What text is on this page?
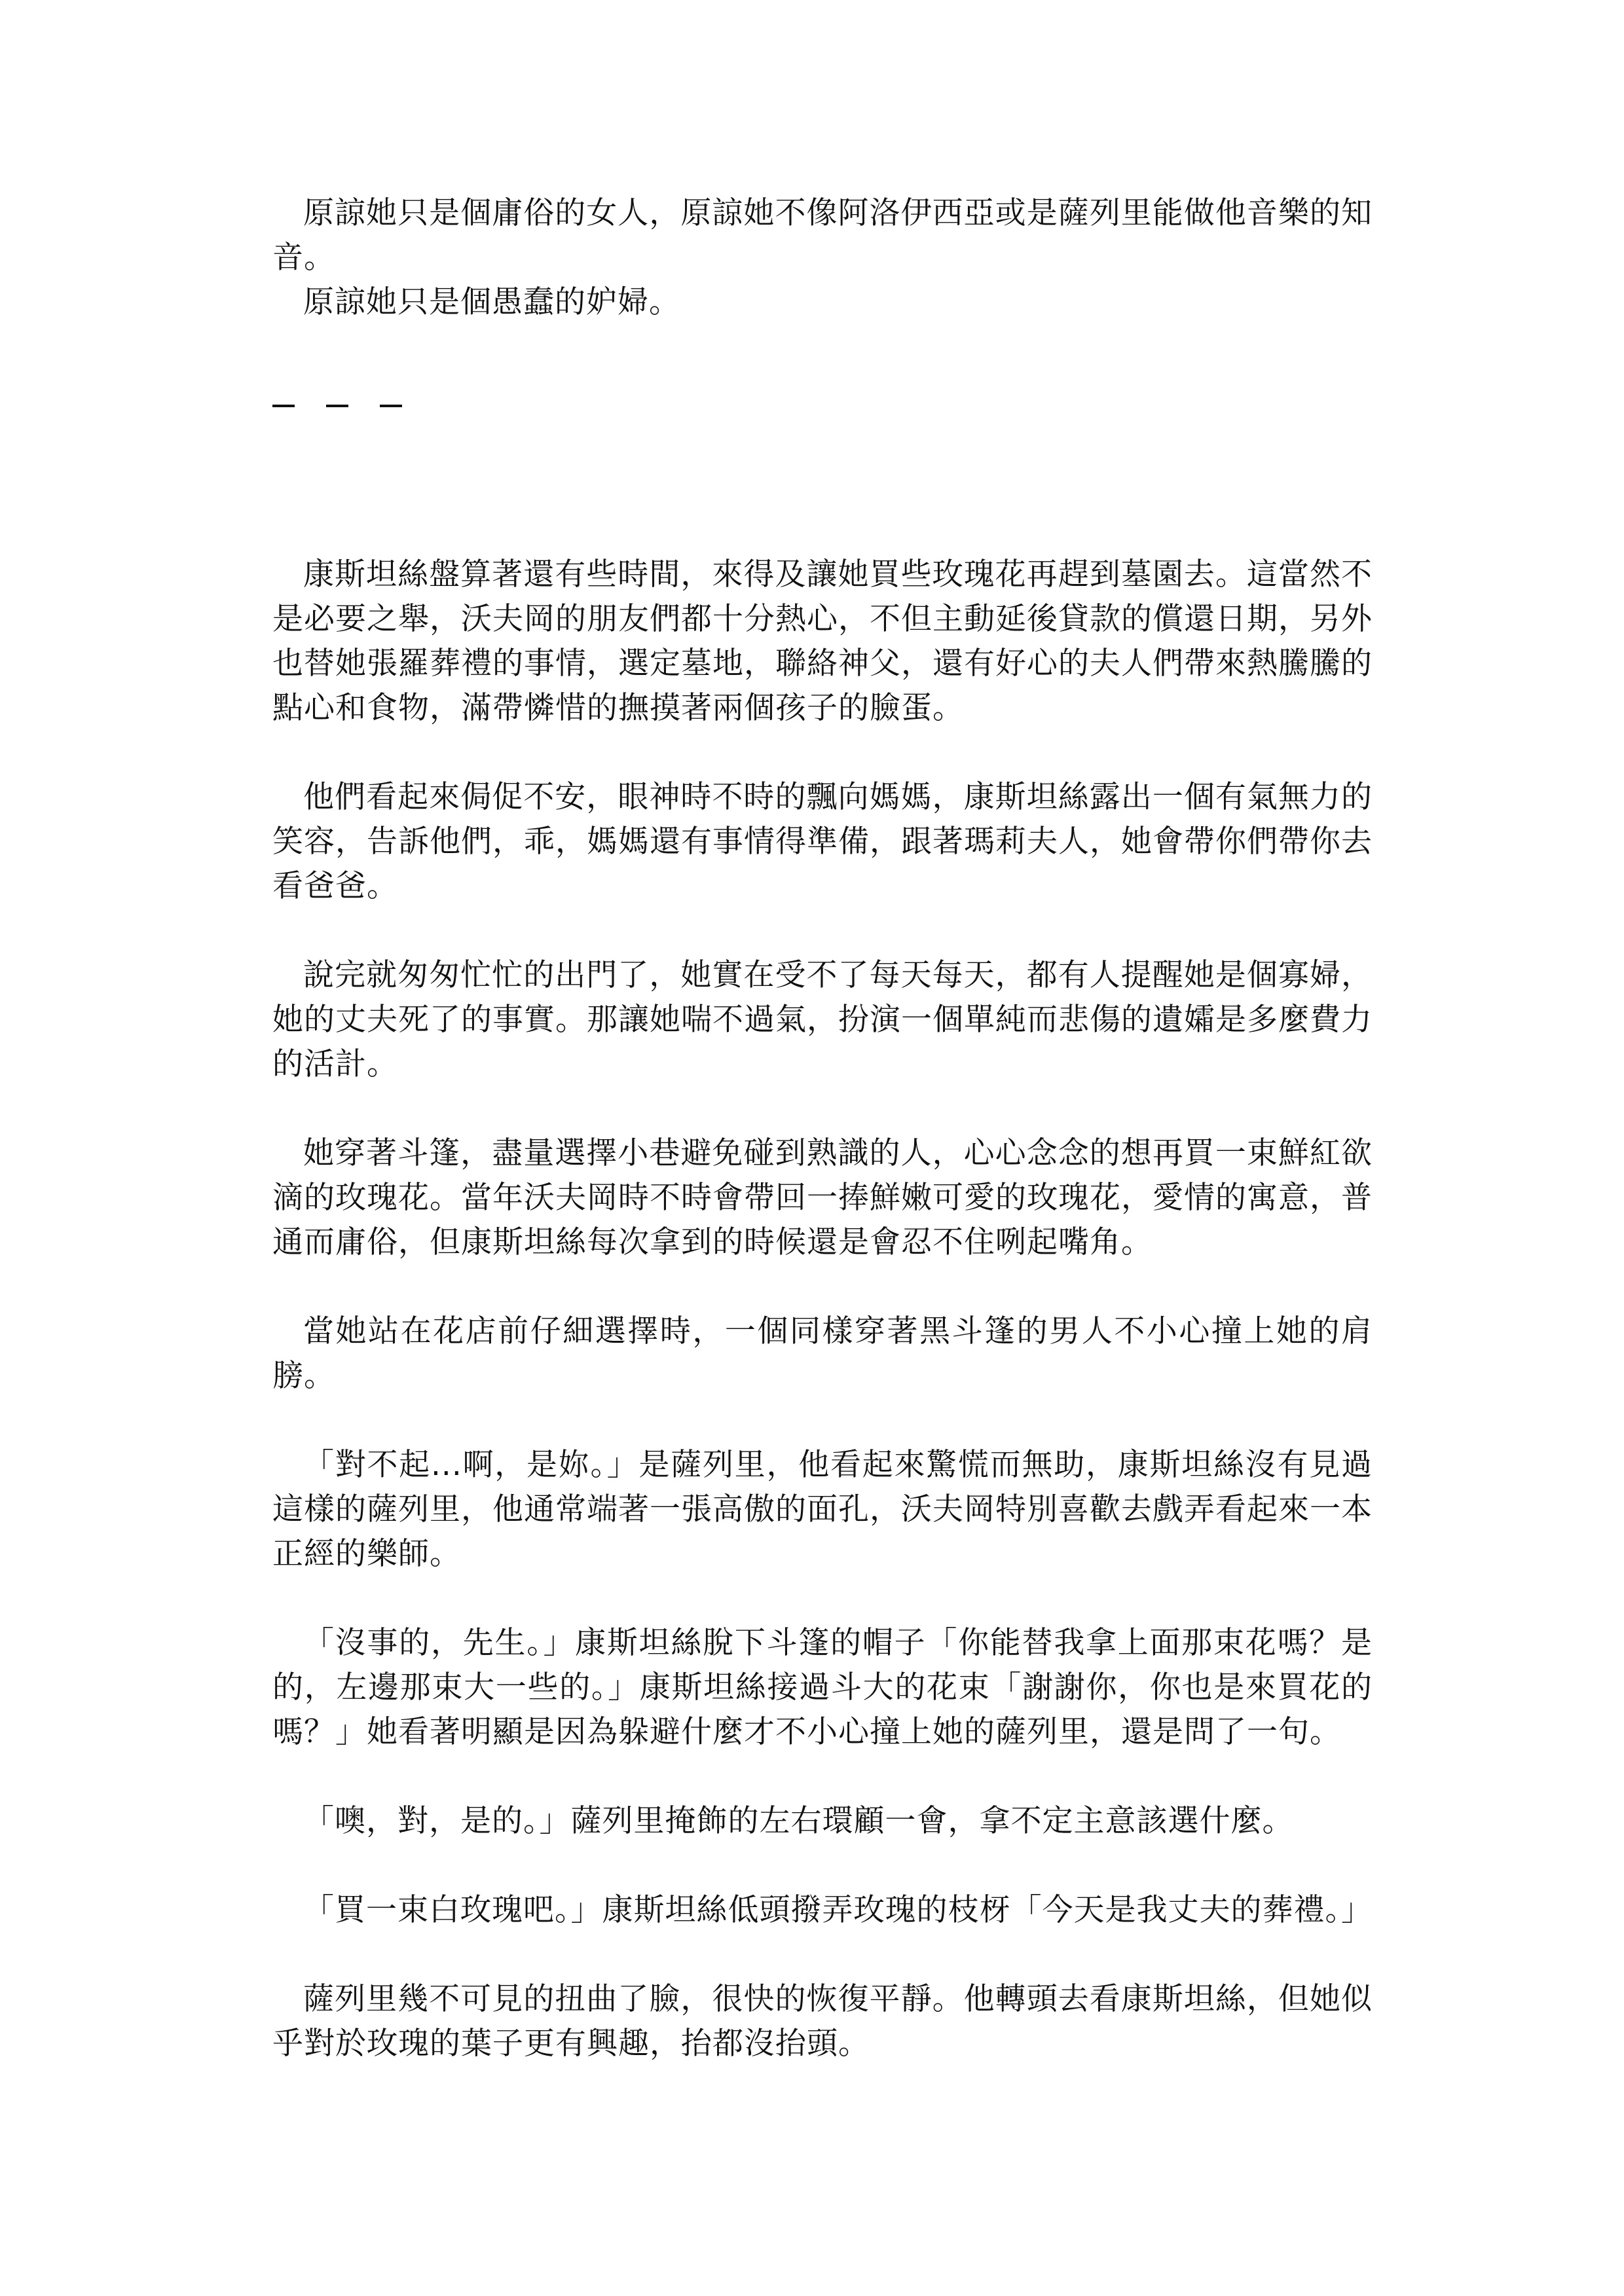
原諒她只是個庸俗的女人，原諒她不像阿洛伊西亞或是薩列里能做他音樂的知音。

原諒她只是個愚蠢的妒婦。

康斯坦絲盤算著還有些時間，來得及讓她買些玫瑰花再趕到墓園去。這當然不是必要之舉，沃夫岡的朋友們都十分熱心，不但主動延後貸款的償還日期，另外也替她張羅葬禮的事情，選定墓地，聯絡神父，還有好心的夫人們帶來熱騰騰的點心和食物，滿帶憐惜的撫摸著兩個孩子的臉蛋。

他們看起來侷促不安，眼神時不時的飄向媽媽，康斯坦絲露出一個有氣無力的笑容，告訴他們，乖，媽媽還有事情得準備，跟著瑪莉夫人，她會帶你們帶你去看爸爸。

說完就匆匆忙忙的出門了，她實在受不了每天每天，都有人提醒她是個寡婦，她的丈夫死了的事實。那讓她喘不過氣，扮演一個單純而悲傷的遺孀是多麼費力的活計。

她穿著斗篷，盡量選擇小巷避免碰到熟識的人，心心念念的想再買一束鮮紅欲滴的玫瑰花。當年沃夫岡時不時會帶回一捧鮮嫩可愛的玫瑰花，愛情的寓意，普通而庸俗，但康斯坦絲每次拿到的時候還是會忍不住咧起嘴角。

當她站在花店前仔細選擇時，一個同樣穿著黑斗篷的男人不小心撞上她的肩膀。

「對不起...啊，是妳。」是薩列里，他看起來驚慌而無助，康斯坦絲沒有見過這樣的薩列里，他通常端著一張高傲的面孔，沃夫岡特別喜歡去戲弄看起來一本正經的樂師。

「沒事的，先生。」康斯坦絲脫下斗篷的帽子「你能替我拿上面那束花嗎？是的，左邊那束大一些的。」康斯坦絲接過斗大的花束「謝謝你，你也是來買花的嗎？」她看著明顯是因為躲避什麼才不小心撞上她的薩列里，還是問了一句。

「噢，對，是的。」薩列里掩飾的左右環顧一會，拿不定主意該選什麼。

「買一束白玫瑰吧。」康斯坦絲低頭撥弄玫瑰的枝枒「今天是我丈夫的葬禮。」

薩列里幾不可見的扭曲了臉，很快的恢復平靜。他轉頭去看康斯坦絲，但她似乎對於玫瑰的葉子更有興趣，抬都沒抬頭。
